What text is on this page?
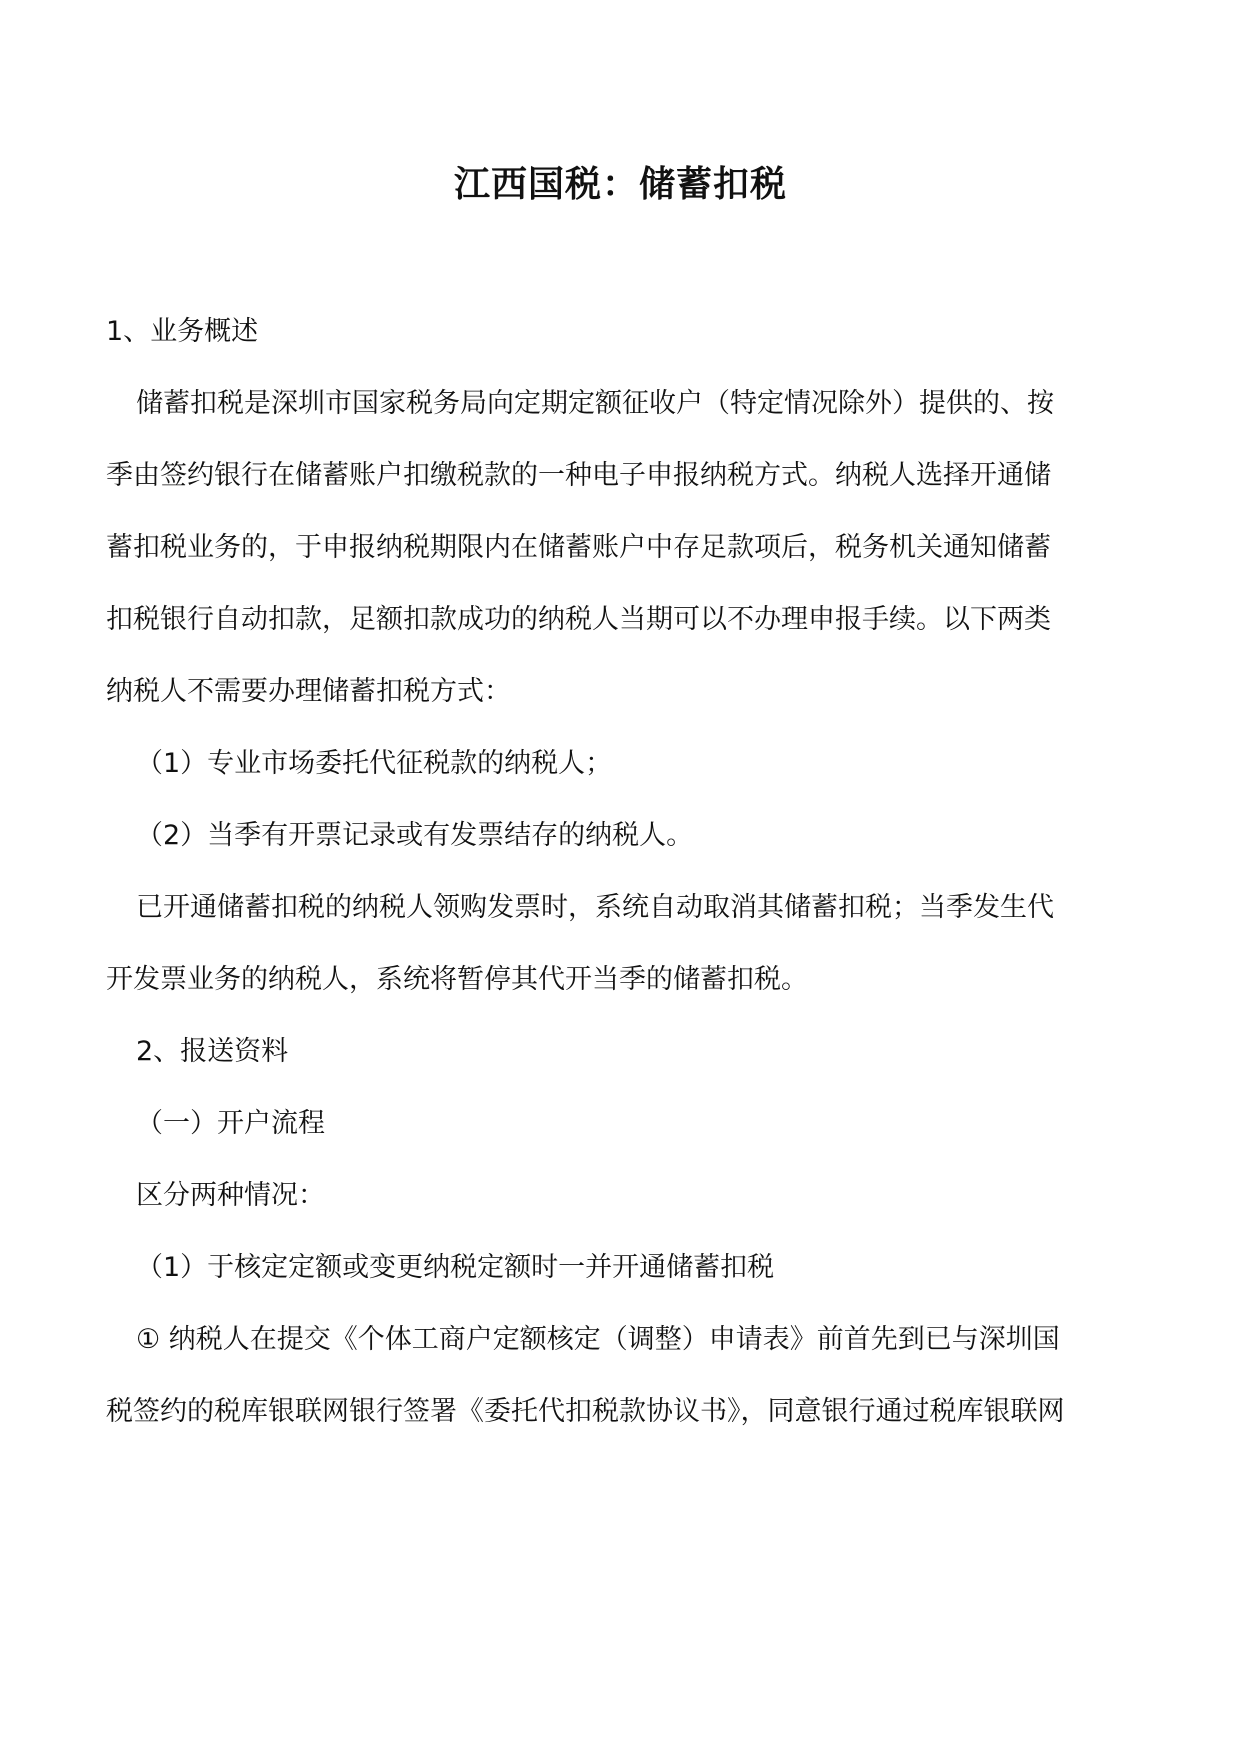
江西国税：储蓄扣税
1、业务概述
储蓄扣税是深圳市国家税务局向定期定额征收户（特定情况除外）提供的、按
季由签约银行在储蓄账户扣缴税款的一种电子申报纳税方式。纳税人选择开通储
蓄扣税业务的，于申报纳税期限内在储蓄账户中存足款项后，税务机关通知储蓄
扣税银行自动扣款，足额扣款成功的纳税人当期可以不办理申报手续。以下两类
纳税人不需要办理储蓄扣税方式：
（1）专业市场委托代征税款的纳税人；
（2）当季有开票记录或有发票结存的纳税人。
已开通储蓄扣税的纳税人领购发票时，系统自动取消其储蓄扣税；当季发生代
开发票业务的纳税人，系统将暂停其代开当季的储蓄扣税。
2、报送资料
（一）开户流程
区分两种情况：
（1）于核定定额或变更纳税定额时一并开通储蓄扣税
① 纳税人在提交《个体工商户定额核定（调整）申请表》前首先到已与深圳国
税签约的税库银联网银行签署《委托代扣税款协议书》，同意银行通过税库银联网
